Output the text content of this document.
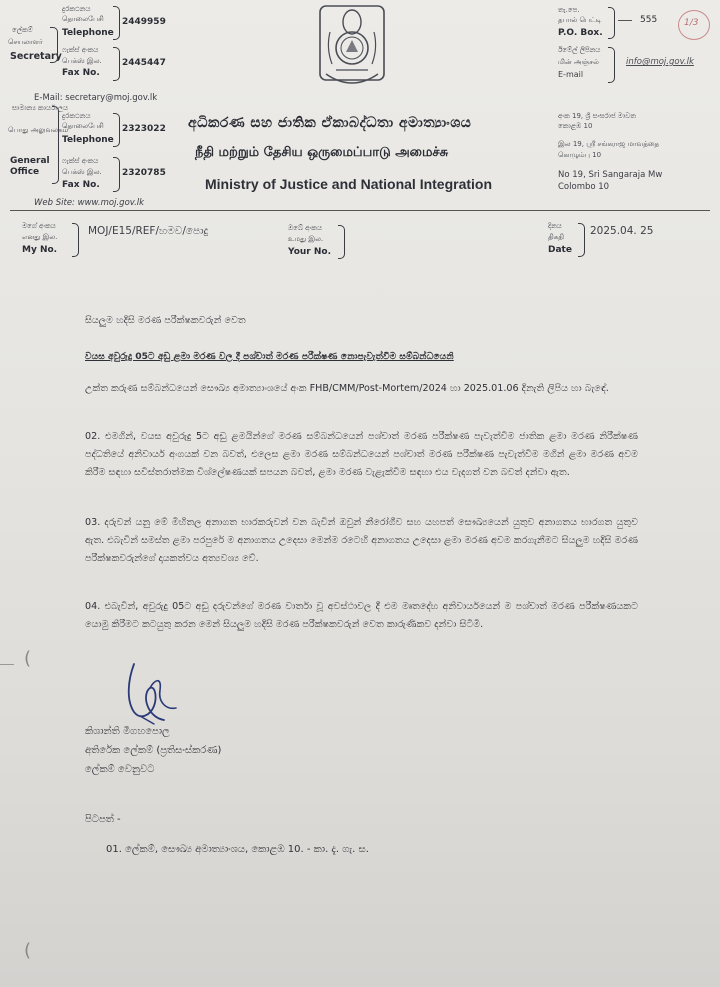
ලේකම්
செயலாளர்
Secretary
දුරකථනය
தொலைபேசி
Telephone
2449959
ෆැක්ස් අංකය
பெக்ஸ் இல.
Fax No.
2445447
E-Mail: secretary@moj.gov.lk
සාමාන්‍ය කාර්යාලය
பொது அலுவலகம்
General Office
දුරකථනය
தொலைபேசி
Telephone
2323022
ෆැක්ස් අංකය
பெக்ஸ் இல.
Fax No.
2320785
Web Site: www.moj.gov.lk
අධිකරණ සහ ජාතික ඒකාබද්ධතා අමාත්‍යාංශය
நீதி மற்றும் தேசிய ஒருமைப்பாடு அமைச்சு
Ministry of Justice and National Integration
තැ.පෙ.
தபால் பெட்டி
P.O. Box.
555	1/3
ඊමේල් ලිපිනය
மின் அஞ்சல்
E-mail
info@moj.gov.lk
අංක 19, ශ්‍රී සංඝරාජ මාවත
කොළඹ 10
இல 19, ஸ்ரீ சங்கராஜ மாவத்தை
கொழும்பு 10
No 19, Sri Sangaraja Mw
Colombo 10
මගේ අංකය
எனது இல.
My No.
MOJ/E15/REF/හමව/පොදු	ඔබේ අංකය
உமது இல.
Your No.
දිනය
திகதி
Date
2025.04. 25
සියලුම හදිසි මරණ පරීක්ෂකවරුන් වෙත
වයස අවුරුදු 05ට අඩු ළමා මරණ වල දී පශ්චාත් මරණ පරීක්ෂණ නොපැවැත්වීම සම්බන්ධයෙනි
උක්ත කරුණ සම්බන්ධයෙන් සෞඛ්‍ය අමාත්‍යාංශයේ අංක FHB/CMM/Post-Mortem/2024 හා 2025.01.06 දිනැති ලිපිය හා බැඳේ.
02. එමගින්, වයස අවුරුදු 5ට අඩු ළමයින්ගේ මරණ සම්බන්ධයෙන් පශ්චාත් මරණ පරීක්ෂණ පැවැත්වීම ජාතික ළමා මරණ නිරීක්ෂණ පද්ධතියේ අනිවාර්ය අංගයක් වන බවත්, එලෙස ළමා මරණ සම්බන්ධයෙන් පශ්චාත් මරණ පරීක්ෂණ පැවැත්වීම මගින් ළමා මරණ අවම කිරීම සඳහා සවිස්තරාත්මක විශ්ලේෂණයක් සපයන බවත්, ළමා මරණ වැළැක්වීම සඳහා එය වැදගත් වන බවත් දන්වා ඇත.
03. දරුවන් යනු මේ මිහිතල අනාගත භාරකරුවන් වන බැවින් ඔවුන් නීරෝගීව සහ යහපත් සෞඛ්‍යයෙන් යුතුව අනාගතය භාරගත යුතුව ඇත. එබැවින් සමස්ත ළමා පරපුරේ ම අනාගතය උදෙසා මෙන්ම රටෙහි අනාගතය උදෙසා ළමා මරණ අවම කරගැනීමට සියලුම හදිසි මරණ පරීක්ෂකවරුන්ගේ දායකත්වය අත්‍යවශ්‍ය වේ.
04. එබැවින්, අවුරුදු 05ට අඩු දරුවන්ගේ මරණ වාර්තා වූ අවස්ථාවල දී එම මෘතදේහ අනිවාර්යයෙන් ම පශ්චාත් මරණ පරීක්ෂණයකට යොමු කිරීමට කටයුතු කරන මෙන් සියලුම හදිසි මරණ පරීක්ෂකවරුන් වෙත කාරුණිකව දන්වා සිටිමි.
කිශාන්ති මීගහපොල
අතිරේක ලේකම් (ප්‍රතිසංස්කරණ)
ලේකම් වෙනුවට
පිටපත් -
01. ලේකම්, සෞඛ්‍ය අමාත්‍යාංශය, කොළඹ 10. - කා. දැ. ගැ. ස.
(
(
